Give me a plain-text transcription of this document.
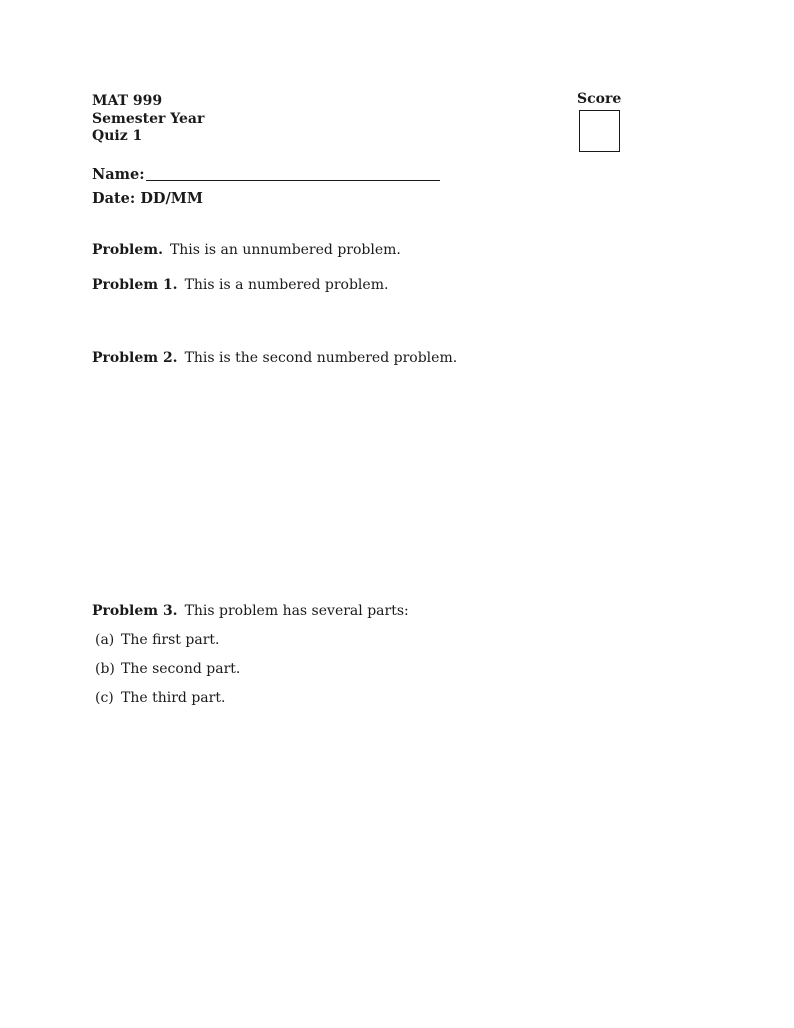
MAT 999
Semester Year
Quiz 1
Score
Name:
Date: DD/MM
Problem. This is an unnumbered problem.
Problem 1. This is a numbered problem.
Problem 2. This is the second numbered problem.
Problem 3. This problem has several parts:
(a) The first part.
(b) The second part.
(c) The third part.
